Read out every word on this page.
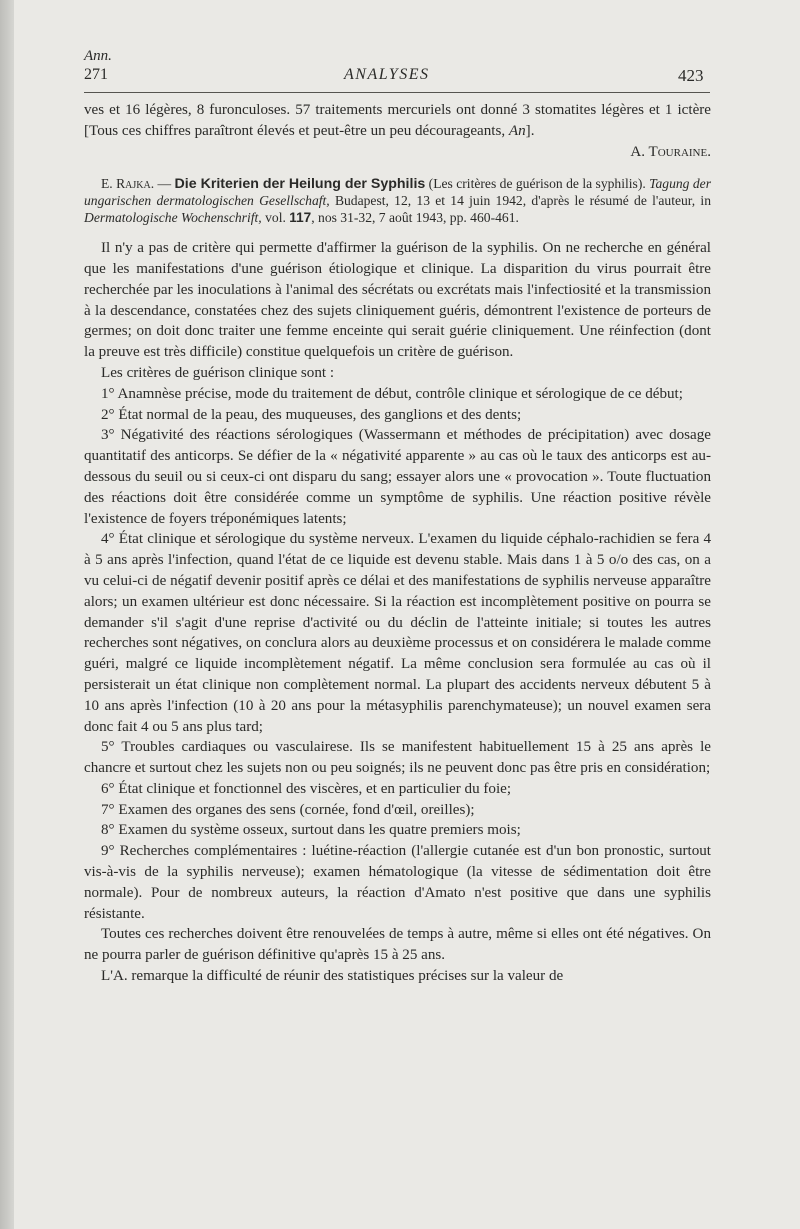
Ann.
271	ANALYSES	423

ves et 16 légères, 8 furonculoses. 57 traitements mercuriels ont donné 3 stomatites légères et 1 ictère [Tous ces chiffres paraîtront élevés et peut-être un peu décourageants, An].

A. Touraine.

E. Rajka. — Die Kriterien der Heilung der Syphilis (Les critères de guérison de la syphilis). Tagung der ungarischen dermatologischen Gesellschaft, Budapest, 12, 13 et 14 juin 1942, d'après le résumé de l'auteur, in Dermatologische Wochenschrift, vol. 117, nos 31-32, 7 août 1943, pp. 460-461.

Il n'y a pas de critère qui permette d'affirmer la guérison de la syphilis. On ne recherche en général que les manifestations d'une guérison étiologique et clinique. La disparition du virus pourrait être recherchée par les inoculations à l'animal des sécrétats ou excrétats mais l'infectiosité et la transmission à la descendance, constatées chez des sujets cliniquement guéris, démontrent l'existence de porteurs de germes; on doit donc traiter une femme enceinte qui serait guérie cliniquement. Une réinfection (dont la preuve est très difficile) constitue quelquefois un critère de guérison.

Les critères de guérison clinique sont :

1° Anamnèse précise, mode du traitement de début, contrôle clinique et sérologique de ce début;

2° État normal de la peau, des muqueuses, des ganglions et des dents;

3° Négativité des réactions sérologiques (Wassermann et méthodes de précipitation) avec dosage quantitatif des anticorps. Se défier de la « négativité apparente » au cas où le taux des anticorps est au-dessous du seuil ou si ceux-ci ont disparu du sang; essayer alors une « provocation ». Toute fluctuation des réactions doit être considérée comme un symptôme de syphilis. Une réaction positive révèle l'existence de foyers tréponémiques latents;

4° État clinique et sérologique du système nerveux. L'examen du liquide céphalo-rachidien se fera 4 à 5 ans après l'infection, quand l'état de ce liquide est devenu stable. Mais dans 1 à 5 o/o des cas, on a vu celui-ci de négatif devenir positif après ce délai et des manifestations de syphilis nerveuse apparaître alors; un examen ultérieur est donc nécessaire. Si la réaction est incomplètement positive on pourra se demander s'il s'agit d'une reprise d'activité ou du déclin de l'atteinte initiale; si toutes les autres recherches sont négatives, on conclura alors au deuxième processus et on considérera le malade comme guéri, malgré ce liquide incomplètement négatif. La même conclusion sera formulée au cas où il persisterait un état clinique non complètement normal. La plupart des accidents nerveux débutent 5 à 10 ans après l'infection (10 à 20 ans pour la métasyphilis parenchymateuse); un nouvel examen sera donc fait 4 ou 5 ans plus tard;

5° Troubles cardiaques ou vasculairese. Ils se manifestent habituellement 15 à 25 ans après le chancre et surtout chez les sujets non ou peu soignés; ils ne peuvent donc pas être pris en considération;

6° État clinique et fonctionnel des viscères, et en particulier du foie;

7° Examen des organes des sens (cornée, fond d'œil, oreilles);

8° Examen du système osseux, surtout dans les quatre premiers mois;

9° Recherches complémentaires : luétine-réaction (l'allergie cutanée est d'un bon pronostic, surtout vis-à-vis de la syphilis nerveuse); examen hématologique (la vitesse de sédimentation doit être normale). Pour de nombreux auteurs, la réaction d'Amato n'est positive que dans une syphilis résistante.

Toutes ces recherches doivent être renouvelées de temps à autre, même si elles ont été négatives. On ne pourra parler de guérison définitive qu'après 15 à 25 ans.

L'A. remarque la difficulté de réunir des statistiques précises sur la valeur de
